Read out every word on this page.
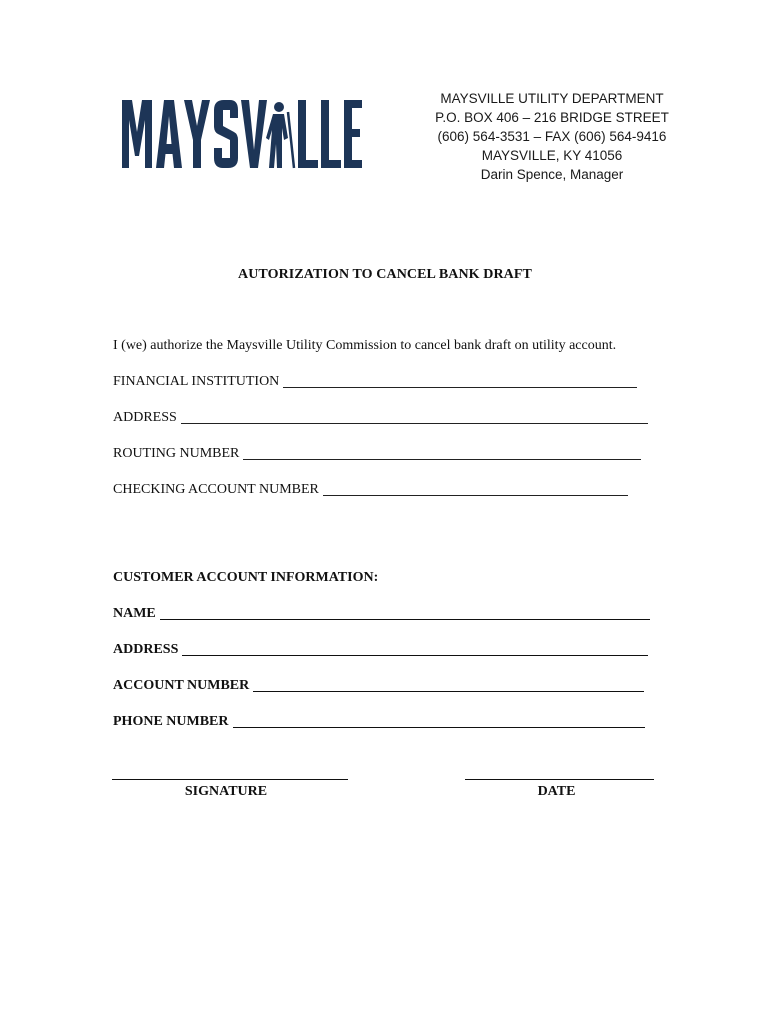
MAYSVILLE UTILITY DEPARTMENT
P.O. BOX 406 – 216 BRIDGE STREET
(606) 564-3531 – FAX (606) 564-9416
MAYSVILLE, KY 41056
Darin Spence, Manager
AUTORIZATION TO CANCEL BANK DRAFT
I (we) authorize the Maysville Utility Commission to cancel bank draft on utility account.
FINANCIAL INSTITUTION
ADDRESS
ROUTING NUMBER
CHECKING ACCOUNT NUMBER
CUSTOMER ACCOUNT INFORMATION:
NAME
ADDRESS
ACCOUNT NUMBER
PHONE NUMBER
SIGNATURE	DATE
